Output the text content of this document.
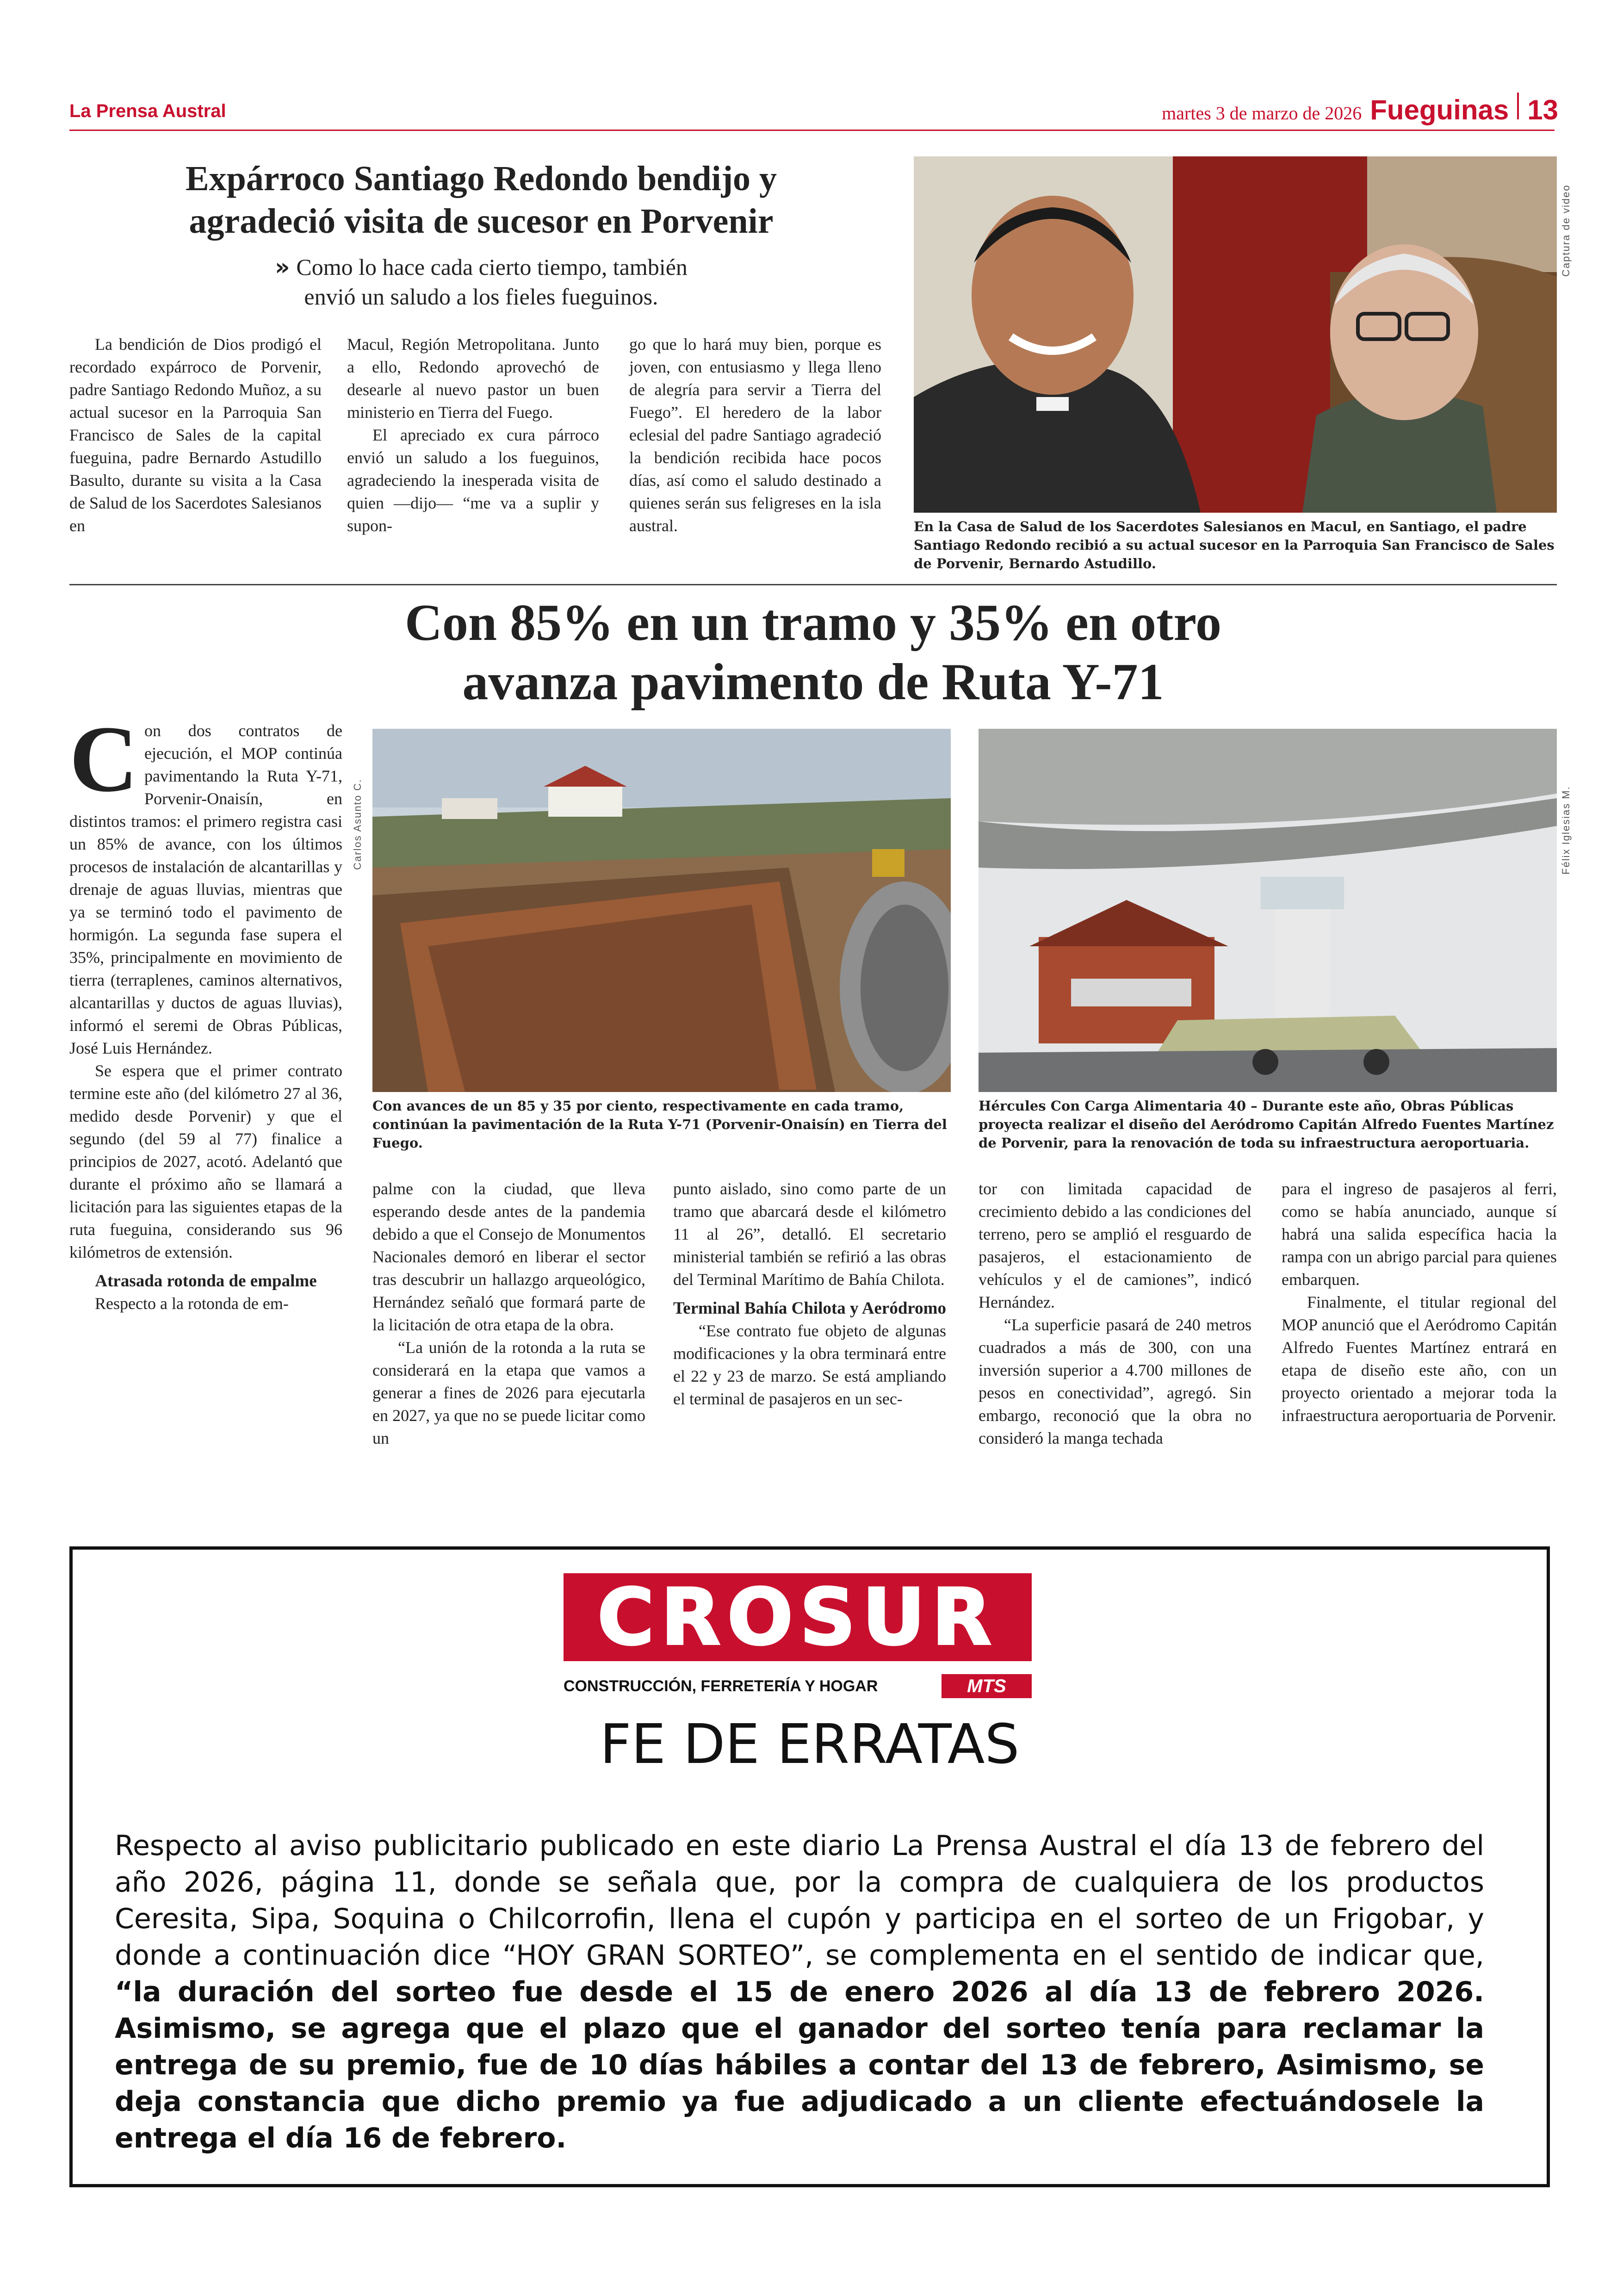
La Prensa Austral	martes 3 de marzo de 2026 Fueguinas 13
Expárroco Santiago Redondo bendijo y
agradeció visita de sucesor en Porvenir
» Como lo hace cada cierto tiempo, también
envió un saludo a los fieles fueguinos.

La bendición de Dios prodigó el recordado expárroco de Porvenir, padre Santiago Redondo Muñoz, a su actual sucesor en la Parroquia San Francisco de Sales de la capital fueguina, padre Bernardo Astudillo Basulto, durante su visita a la Casa de Salud de los Sacerdotes Salesianos en

Macul, Región Metropolitana. Junto a ello, Redondo aprovechó de desearle al nuevo pastor un buen ministerio en Tierra del Fuego.

El apreciado ex cura párroco envió un saludo a los fueguinos, agradeciendo la inesperada visita de quien —dijo— “me va a suplir y supon-

go que lo hará muy bien, porque es joven, con entusiasmo y llega lleno de alegría para servir a Tierra del Fuego”. El heredero de la labor eclesial del padre Santiago agradeció la bendición recibida hace pocos días, así como el saludo destinado a quienes serán sus feligreses en la isla austral.

Captura de video
En la Casa de Salud de los Sacerdotes Salesianos en Macul, en Santiago, el padre Santiago Redondo recibió a su actual sucesor en la Parroquia San Francisco de Sales de Porvenir, Bernardo Astudillo.
Con 85% en un tramo y 35% en otro
avanza pavimento de Ruta Y-71

Con dos contratos de ejecución, el MOP continúa pavimentando la Ruta Y-71, Porvenir-Onaisín, en distintos tramos: el primero registra casi un 85% de avance, con los últimos procesos de instalación de alcantarillas y drenaje de aguas lluvias, mientras que ya se terminó todo el pavimento de hormigón. La segunda fase supera el 35%, principalmente en movimiento de tierra (terraplenes, caminos alternativos, alcantarillas y ductos de aguas lluvias), informó el seremi de Obras Públicas, José Luis Hernández.

Se espera que el primer contrato termine este año (del kilómetro 27 al 36, medido desde Porvenir) y que el segundo (del 59 al 77) finalice a principios de 2027, acotó. Adelantó que durante el próximo año se llamará a licitación para las siguientes etapas de la ruta fueguina, considerando sus 96 kilómetros de extensión.

Atrasada rotonda de empalme

Respecto a la rotonda de em-

Carlos Asunto C.
Con avances de un 85 y 35 por ciento, respectivamente en cada tramo, continúan la pavimentación de la Ruta Y-71 (Porvenir-Onaisín) en Tierra del Fuego.
Félix Iglesias M.
Hércules Con Carga Alimentaria 40 – Durante este año, Obras Públicas proyecta realizar el diseño del Aeródromo Capitán Alfredo Fuentes Martínez de Porvenir, para la renovación de toda su infraestructura aeroportuaria.

palme con la ciudad, que lleva esperando desde antes de la pandemia debido a que el Consejo de Monumentos Nacionales demoró en liberar el sector tras descubrir un hallazgo arqueológico, Hernández señaló que formará parte de la licitación de otra etapa de la obra.

“La unión de la rotonda a la ruta se considerará en la etapa que vamos a generar a fines de 2026 para ejecutarla en 2027, ya que no se puede licitar como un

punto aislado, sino como parte de un tramo que abarcará desde el kilómetro 11 al 26”, detalló. El secretario ministerial también se refirió a las obras del Terminal Marítimo de Bahía Chilota.

Terminal Bahía Chilota y Aeródromo

“Ese contrato fue objeto de algunas modificaciones y la obra terminará entre el 22 y 23 de marzo. Se está ampliando el terminal de pasajeros en un sec-

tor con limitada capacidad de crecimiento debido a las condiciones del terreno, pero se amplió el resguardo de pasajeros, el estacionamiento de vehículos y el de camiones”, indicó Hernández.

“La superficie pasará de 240 metros cuadrados a más de 300, con una inversión superior a 4.700 millones de pesos en conectividad”, agregó. Sin embargo, reconoció que la obra no consideró la manga techada

para el ingreso de pasajeros al ferri, como se había anunciado, aunque sí habrá una salida específica hacia la rampa con un abrigo parcial para quienes embarquen.

Finalmente, el titular regional del MOP anunció que el Aeródromo Capitán Alfredo Fuentes Martínez entrará en etapa de diseño este año, con un proyecto orientado a mejorar toda la infraestructura aeroportuaria de Porvenir.

CROSUR
CONSTRUCCIÓN, FERRETERÍA Y HOGAR	MTS
FE DE ERRATAS
Respecto al aviso publicitario publicado en este diario La Prensa Austral el día 13 de febrero del año 2026, página 11, donde se señala que, por la compra de cualquiera de los productos Ceresita, Sipa, Soquina o Chilcorrofin, llena el cupón y participa en el sorteo de un Frigobar, y donde a continuación dice “HOY GRAN SORTEO”, se complementa en el sentido de indicar que, “la duración del sorteo fue desde el 15 de enero 2026 al día 13 de febrero 2026. Asimismo, se agrega que el plazo que el ganador del sorteo tenía para reclamar la entrega de su premio, fue de 10 días hábiles a contar del 13 de febrero, Asimismo, se deja constancia que dicho premio ya fue adjudicado a un cliente efectuándosele la entrega el día 16 de febrero.
